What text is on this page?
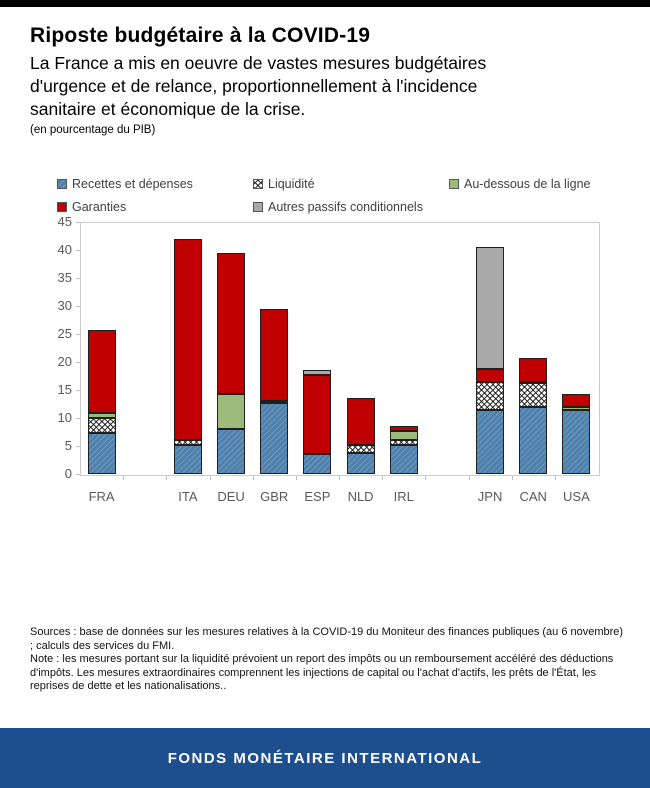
Riposte budgétaire à la COVID-19
La France a mis en oeuvre de vastes mesures budgétaires
d'urgence et de relance, proportionnellement à l'incidence
sanitaire et économique de la crise.
(en pourcentage du PIB)
Recettes et dépenses	Liquidité	Au-dessous de la ligne
Garanties	Autres passifs conditionnels
0
5
10
15
20
25
30
35
40
45
FRA	ITA	DEU	GBR	ESP	NLD	IRL	JPN	CAN	USA
Sources : base de données sur les mesures relatives à la COVID-19 du Moniteur des finances publiques (au 6 novembre) ; calculs des services du FMI.
Note : les mesures portant sur la liquidité prévoient un report des impôts ou un remboursement accéléré des déductions d'impôts. Les mesures extraordinaires comprennent les injections de capital ou l'achat d'actifs, les prêts de l'État, les reprises de dette et les nationalisations..
FONDS MONÉTAIRE INTERNATIONAL
